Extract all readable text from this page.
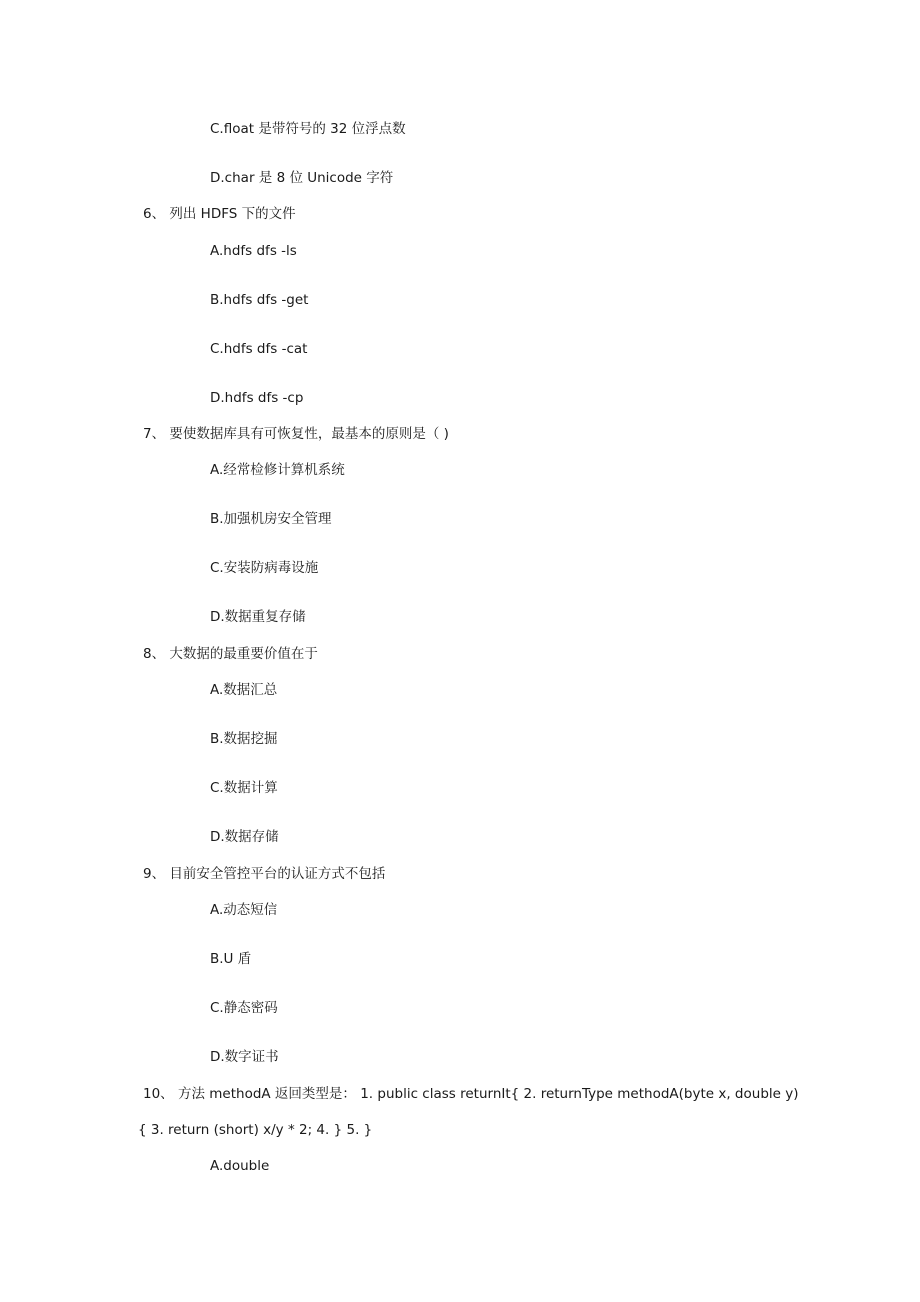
C.float 是带符号的 32 位浮点数
D.char 是 8 位 Unicode 字符
6、 列出 HDFS 下的文件
A.hdfs dfs -ls
B.hdfs dfs -get
C.hdfs dfs -cat
D.hdfs dfs -cp
7、 要使数据库具有可恢复性，最基本的原则是（ )
A.经常检修计算机系统
B.加强机房安全管理
C.安装防病毒设施
D.数据重复存储
8、 大数据的最重要价值在于
A.数据汇总
B.数据挖掘
C.数据计算
D.数据存储
9、 目前安全管控平台的认证方式不包括
A.动态短信
B.U 盾
C.静态密码
D.数字证书
10、 方法 methodA 返回类型是： 1. public class returnIt{ 2. returnType methodA(byte x, double y)
{ 3. return (short) x/y * 2; 4. } 5. }
A.double
